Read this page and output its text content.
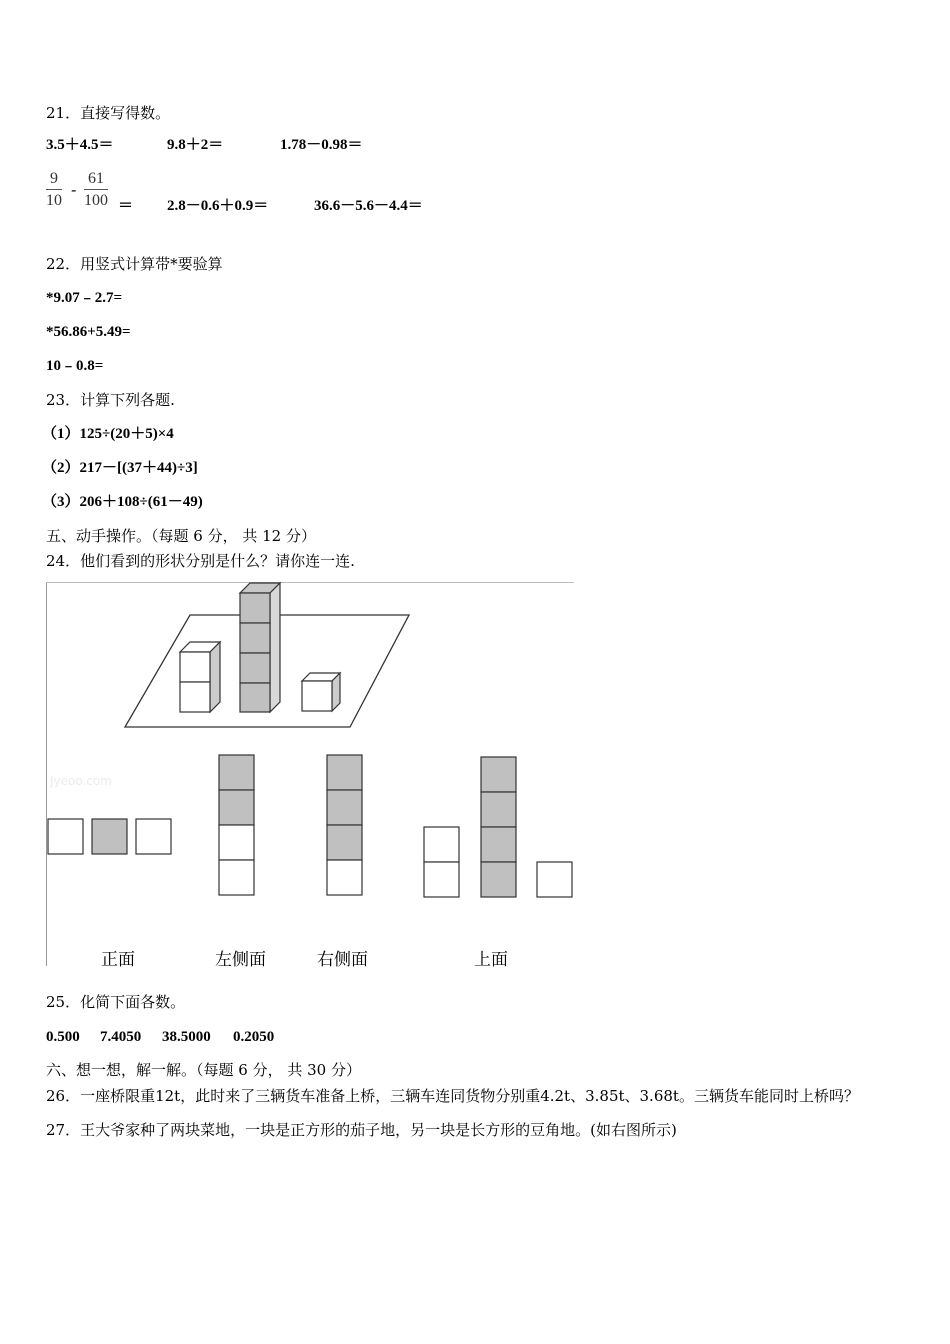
21．直接写得数。
3.5＋4.5＝	9.8＋2＝	1.78－0.98＝
$\frac{9}{10} - \frac{61}{100} = 2.8-0.6+0.9=$	36.6－5.6－4.4＝
22．用竖式计算带*要验算
*9.07﹣2.7=
*56.86+5.49=
10﹣0.8=
23．计算下列各题.
（1）125÷(20＋5)×4
（2）217－[(37＋44)÷3]
（3）206＋108÷(61－49)
五、动手操作。（每题 6 分， 共 12 分）
24．他们看到的形状分别是什么？请你连一连.
Jyeoo.com
正面	左侧面	右侧面	上面
25．化简下面各数。
0.500 7.4050 38.5000 0.2050
六、想一想，解一解。（每题 6 分， 共 30 分）
26．一座桥限重12t，此时来了三辆货车准备上桥，三辆车连同货物分别重4.2t、3.85t、3.68t。三辆货车能同时上桥吗？
27．王大爷家种了两块菜地，一块是正方形的茄子地，另一块是长方形的豆角地。(如右图所示)
